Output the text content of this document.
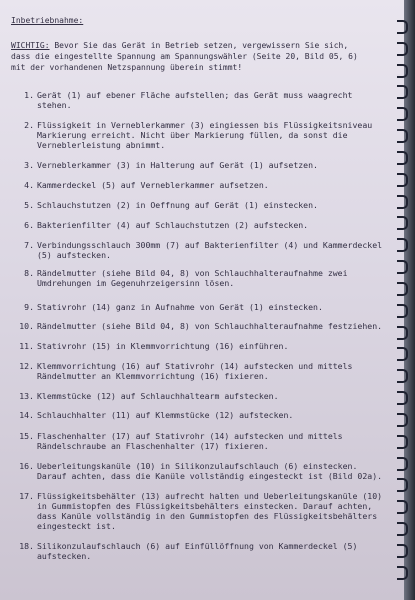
Inbetriebnahme:
WICHTIG: Bevor Sie das Gerät in Betrieb setzen, vergewissern Sie sich, dass die eingestellte Spannung am Spannungswähler (Seite 20, Bild 05, 6) mit der vorhandenen Netzspannung überein stimmt!
1. Gerät (1) auf ebener Fläche aufstellen; das Gerät muss waagrecht stehen.
2. Flüssigkeit in Verneblerkammer (3) eingiessen bis Flüssigkeitsniveau Markierung erreicht. Nicht über Markierung füllen, da sonst die Verneblerleistung abnimmt.
3. Verneblerkammer (3) in Halterung auf Gerät (1) aufsetzen.
4. Kammerdeckel (5) auf Verneblerkammer aufsetzen.
5. Schlauchstutzen (2) in Oeffnung auf Gerät (1) einstecken.
6. Bakterienfilter (4) auf Schlauchstutzen (2) aufstecken.
7. Verbindungsschlauch 300mm (7) auf Bakterienfilter (4) und Kammerdeckel (5) aufstecken.
8. Rändelmutter (siehe Bild 04, 8) von Schlauchhalteraufnahme zwei Umdrehungen im Gegenuhrzeigersinn lösen.
9. Stativrohr (14) ganz in Aufnahme von Gerät (1) einstecken.
10. Rändelmutter (siehe Bild 04, 8) von Schlauchhalteraufnahme festziehen.
11. Stativrohr (15) in Klemmvorrichtung (16) einführen.
12. Klemmvorrichtung (16) auf Stativrohr (14) aufstecken und mittels Rändelmutter an Klemmvorrichtung (16) fixieren.
13. Klemmstücke (12) auf Schlauchhaltearm aufstecken.
14. Schlauchhalter (11) auf Klemmstücke (12) aufstecken.
15. Flaschenhalter (17) auf Stativrohr (14) aufstecken und mittels Rändelschraube an Flaschenhalter (17) fixieren.
16. Ueberleitungskanüle (10) in Silikonzulaufschlauch (6) einstecken. Darauf achten, dass die Kanüle vollständig eingesteckt ist (Bild 02a).
17. Flüssigkeitsbehälter (13) aufrecht halten und Ueberleitungskanüle (10) in Gummistopfen des Flüssigkeitsbehälters einstecken. Darauf achten, dass Kanüle vollständig in den Gummistopfen des Flüssigkeitsbehälters eingesteckt ist.
18. Silikonzulaufschlauch (6) auf Einfüllöffnung von Kammerdeckel (5) aufstecken.
